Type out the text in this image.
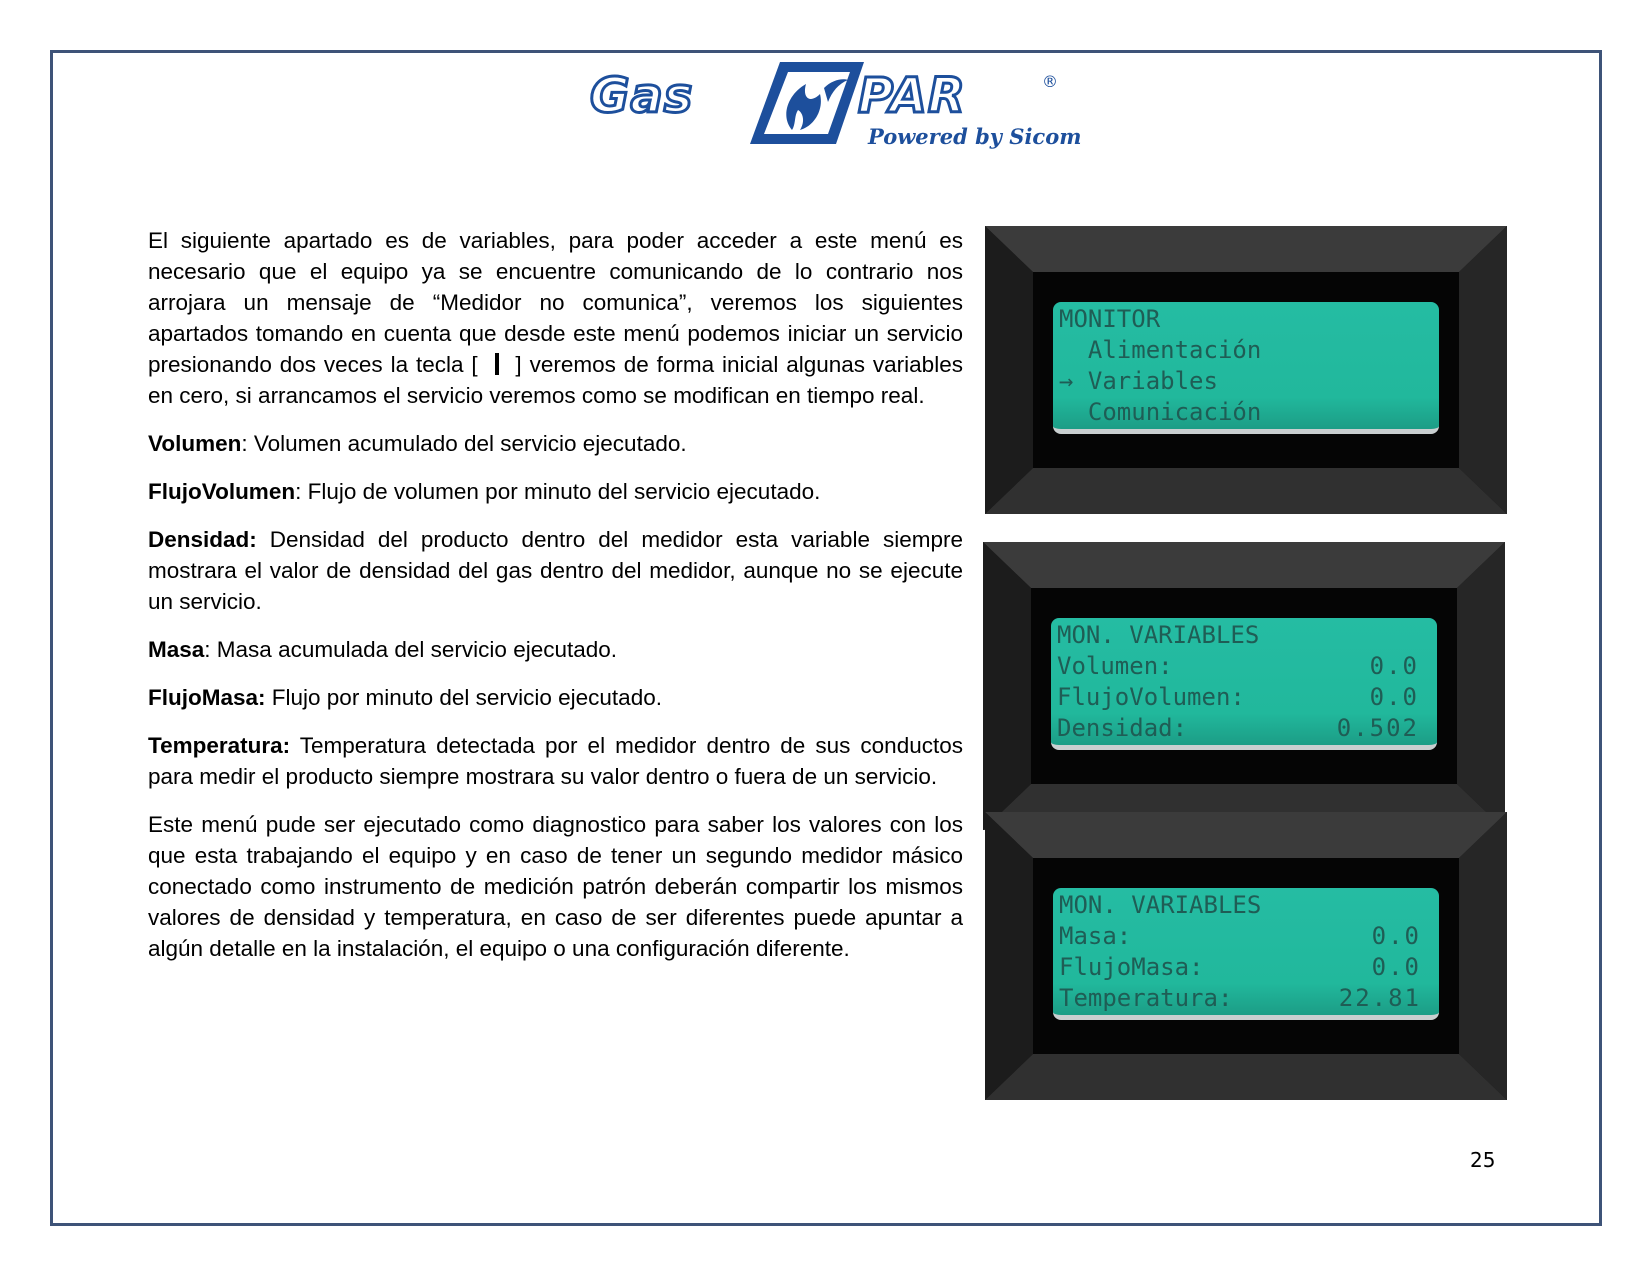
Gas	PAR	®
Powered by Sicom

El siguiente apartado es de variables, para poder acceder a este menú es necesario que el equipo ya se encuentre comunicando de lo contrario nos arrojara un mensaje de “Medidor no comunica”, veremos los siguientes apartados tomando en cuenta que desde este menú podemos iniciar un servicio presionando dos veces la tecla [ ] veremos de forma inicial algunas variables en cero, si arrancamos el servicio veremos como se modifican en tiempo real.

Volumen: Volumen acumulado del servicio ejecutado.

FlujoVolumen: Flujo de volumen por minuto del servicio ejecutado.

Densidad: Densidad del producto dentro del medidor esta variable siempre mostrara el valor de densidad del gas dentro del medidor, aunque no se ejecute un servicio.

Masa: Masa acumulada del servicio ejecutado.

FlujoMasa: Flujo por minuto del servicio ejecutado.

Temperatura: Temperatura detectada por el medidor dentro de sus conductos para medir el producto siempre mostrara su valor dentro o fuera de un servicio.

Este menú pude ser ejecutado como diagnostico para saber los valores con los que esta trabajando el equipo y en caso de tener un segundo medidor másico conectado como instrumento de medición patrón deberán compartir los mismos valores de densidad y temperatura, en caso de ser diferentes puede apuntar a algún detalle en la instalación, el equipo o una configuración diferente.

MONITOR
Alimentación
→ Variables
Comunicación
MON. VARIABLES
Volumen:	0.0
FlujoVolumen:	0.0
Densidad:	0.502
MON. VARIABLES
Masa:	0.0
FlujoMasa:	0.0
Temperatura:	22.81
25
